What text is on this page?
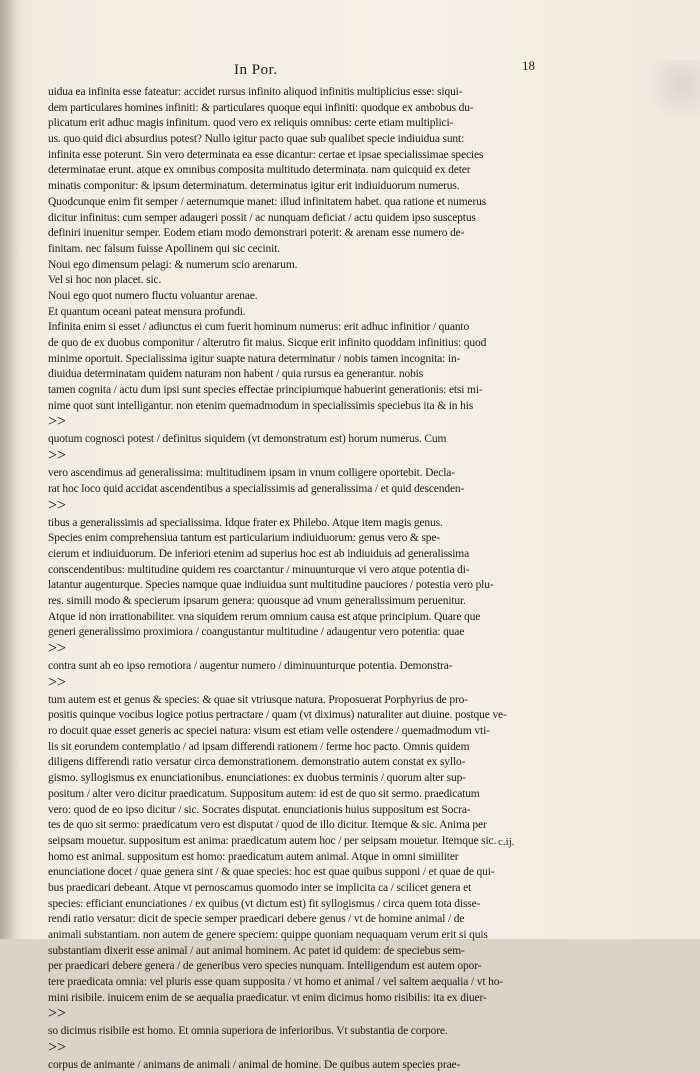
In Por.	18
uidua ea infinita esse fateatur: accidet rursus infinito aliquod infinitis multiplicius esse: siqui-
dem particulares homines infiniti: & particulares quoque equi infiniti: quodque ex ambobus du-
plicatum erit adhuc magis infinitum. quod vero ex reliquis omnibus: certe etiam multiplici-
us. quo quid dici absurdius potest? Nullo igitur pacto quae sub qualibet specie indiuidua sunt:
infinita esse poterunt. Sin vero determinata ea esse dicantur: certae et ipsae specialissimae species
determinatae erunt. atque ex omnibus composita multitudo determinata. nam quicquid ex deter
minatis componitur: & ipsum determinatum. determinatus igitur erit indiuiduorum numerus.
Quodcunque enim fit semper / aeternumque manet: illud infinitatem habet. qua ratione et numerus
dicitur infinitus: cum semper adaugeri possit / ac nunquam deficiat / actu quidem ipso susceptus
definiri inuenitur semper. Eodem etiam modo demonstrari poterit: & arenam esse numero de-
finitam. nec falsum fuisse Apollinem qui sic cecinit.
Noui ego dimensum pelagi: & numerum scio arenarum.
Vel si hoc non placet. sic.
Noui ego quot numero fluctu voluantur arenae.
Et quantum oceani pateat mensura profundi.
Infinita enim si esset / adiunctus ei cum fuerit hominum numerus: erit adhuc infinitior / quanto
de quo de ex duobus componitur / alterutro fit maius. Sicque erit infinito quoddam infinitius: quod
minime oportuit. Specialissima igitur suapte natura determinatur / nobis tamen incognita: in-
diuidua determinatam quidem naturam non habent / quia rursus ea generantur. nobis
tamen cognita / actu dum ipsi sunt species effectae principiumque habuerint generationis: etsi mi-
nime quot sunt intelligantur. non etenim quemadmodum in specialissimis speciebus ita & in his
>>
quotum cognosci potest / definitus siquidem (vt demonstratum est) horum numerus. Cum
>>
vero ascendimus ad generalissima: multitudinem ipsam in vnum colligere oportebit. Decla-
rat hoc loco quid accidat ascendentibus a specialissimis ad generalissima / et quid descenden-
>>
tibus a generalissimis ad specialissima. Idque frater ex Philebo. Atque item magis genus.
Species enim comprehensiua tantum est particularium indiuiduorum: genus vero & spe-
cierum et indiuiduorum. De inferiori etenim ad superius hoc est ab indiuiduis ad generalissima
conscendentibus: multitudine quidem res coarctantur / minuunturque vi vero atque potentia di-
latantur augenturque. Species namque quae indiuidua sunt multitudine pauciores / potestia vero plu-
res. simili modo & specierum ipsarum genera: quousque ad vnum generalissimum peruenitur.
Atque id non irrationabiliter. vna siquidem rerum omnium causa est atque principium. Quare que
generi generalissimo proximiora / coangustantur multitudine / adaugentur vero potentia: quae
>>
contra sunt ab eo ipso remotiora / augentur numero / diminuunturque potentia. Demonstra-
>>
tum autem est et genus & species: & quae sit vtriusque natura. Proposuerat Porphyrius de pro-
positis quinque vocibus logice potius pertractare / quam (vt diximus) naturaliter aut diuine. postque ve-
ro docuit quae esset generis ac speciei natura: visum est etiam velle ostendere / quemadmodum vti-
lis sit eorundem contemplatio / ad ipsam differendi rationem / ferme hoc pacto. Omnis quidem
diligens differendi ratio versatur circa demonstrationem. demonstratio autem constat ex syllo-
gismo. syllogismus ex enunciationibus. enunciationes: ex duobus terminis / quorum alter sup-
positum / alter vero dicitur praedicatum. Suppositum autem: id est de quo sit sermo. praedicatum
vero: quod de eo ipso dicitur / sic. Socrates disputat. enunciationis huius suppositum est Socra-
tes de quo sit sermo: praedicatum vero est disputat / quod de illo dicitur. Itemque & sic. Anima per
seipsam mouetur. suppositum est anima: praedicatum autem hoc / per seipsam mouetur. Itemque sic.
homo est animal. suppositum est homo: praedicatum autem animal. Atque in omni simiiliter
enunciatione docet / quae genera sint / & quae species: hoc est quae quibus supponi / et quae de qui-
bus praedicari debeant. Atque vt pernoscamus quomodo inter se implicita ca / scilicet genera et
species: efficiant enunciationes / ex quibus (vt dictum est) fit syllogismus / circa quem tota disse-
rendi ratio versatur: dicit de specie semper praedicari debere genus / vt de homine animal / de
animali substantiam. non autem de genere speciem: quippe quoniam nequaquam verum erit si quis
substantiam dixerit esse animal / aut animal hominem. Ac patet id quidem: de speciebus sem-
per praedicari debere genera / de generibus vero species nunquam. Intelligendum est autem opor-
tere praedicata omnia: vel pluris esse quam supposita / vt homo et animal / vel saltem aequalia / vt ho-
mini risibile. inuicem enim de se aequalia praedicatur. vt enim dicimus homo risibilis: ita ex diuer-
>>
so dicimus risibile est homo. Et omnia superiora de inferioribus. Vt substantia de corpore.
>>
corpus de animante / animans de animali / animal de homine. De quibus autem species prae-
c.ij.
